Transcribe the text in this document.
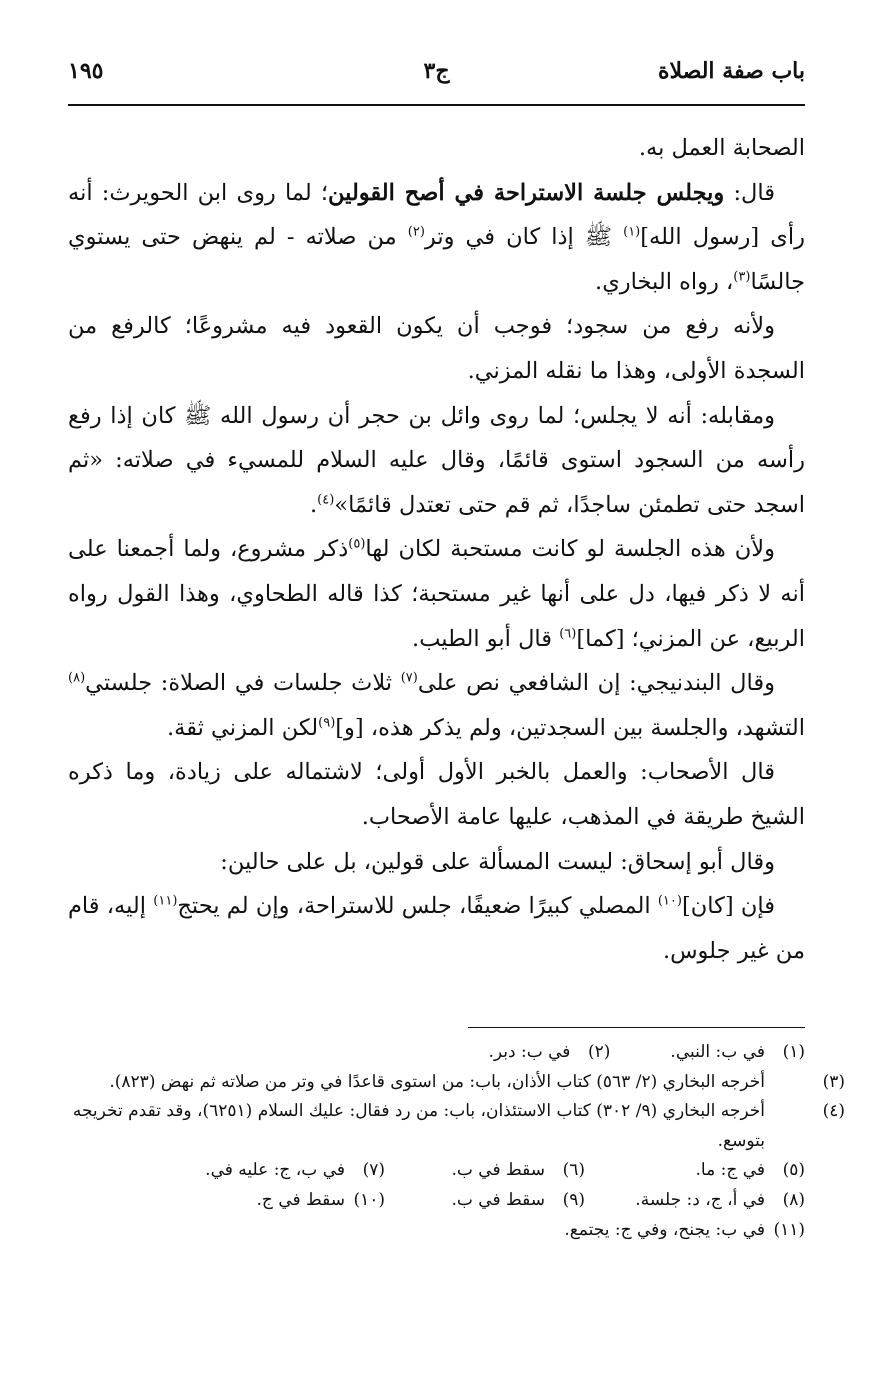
باب صفة الصلاة
ج٣
١٩٥

الصحابة العمل به.

قال: ويجلس جلسة الاستراحة في أصح القولين؛ لما روى ابن الحويرث: أنه رأى [رسول الله]$^{(١)}$ ﷺ إذا كان في وتر$^{(٢)}$ من صلاته - لم ينهض حتى يستوي جالسًا$^{(٣)}$، رواه البخاري.

ولأنه رفع من سجود؛ فوجب أن يكون القعود فيه مشروعًا؛ كالرفع من السجدة الأولى، وهذا ما نقله المزني.

ومقابله: أنه لا يجلس؛ لما روى وائل بن حجر أن رسول الله ﷺ كان إذا رفع رأسه من السجود استوى قائمًا، وقال عليه السلام للمسيء في صلاته: «ثم اسجد حتى تطمئن ساجدًا، ثم قم حتى تعتدل قائمًا»$^{(٤)}$.

ولأن هذه الجلسة لو كانت مستحبة لكان لها$^{(٥)}$ذكر مشروع، ولما أجمعنا على أنه لا ذكر فيها، دل على أنها غير مستحبة؛ كذا قاله الطحاوي، وهذا القول رواه الربيع، عن المزني؛ [كما]$^{(٦)}$ قال أبو الطيب.

وقال البندنيجي: إن الشافعي نص على$^{(٧)}$ ثلاث جلسات في الصلاة: جلستي$^{(٨)}$ التشهد، والجلسة بين السجدتين، ولم يذكر هذه، [و]$^{(٩)}$لكن المزني ثقة.

قال الأصحاب: والعمل بالخبر الأول أولى؛ لاشتماله على زيادة، وما ذكره الشيخ طريقة في المذهب، عليها عامة الأصحاب.

وقال أبو إسحاق: ليست المسألة على قولين، بل على حالين:

فإن [كان]$^{(١٠)}$ المصلي كبيرًا ضعيفًا، جلس للاستراحة، وإن لم يحتج$^{(١١)}$ إليه، قام من غير جلوس.

(١)
في ب: النبي.
(٢)
في ب: دبر.
(٣)أخرجه البخاري (٢/ ٥٦٣) كتاب الأذان، باب: من استوى قاعدًا في وتر من صلاته ثم نهض (٨٢٣).
(٤)أخرجه البخاري (٩/ ٣٠٢) كتاب الاستئذان، باب: من رد فقال: عليك السلام (٦٢٥١)، وقد تقدم تخريجه بتوسع.
(٥)
في ج: ما.
(٦)
سقط في ب.
(٧)
في ب، ج: عليه في.
(٨)
في أ، ج، د: جلسة.
(٩)
سقط في ب.
(١٠)
سقط في ج.
(١١)
في ب: يجنح، وفي ج: يجتمع.
